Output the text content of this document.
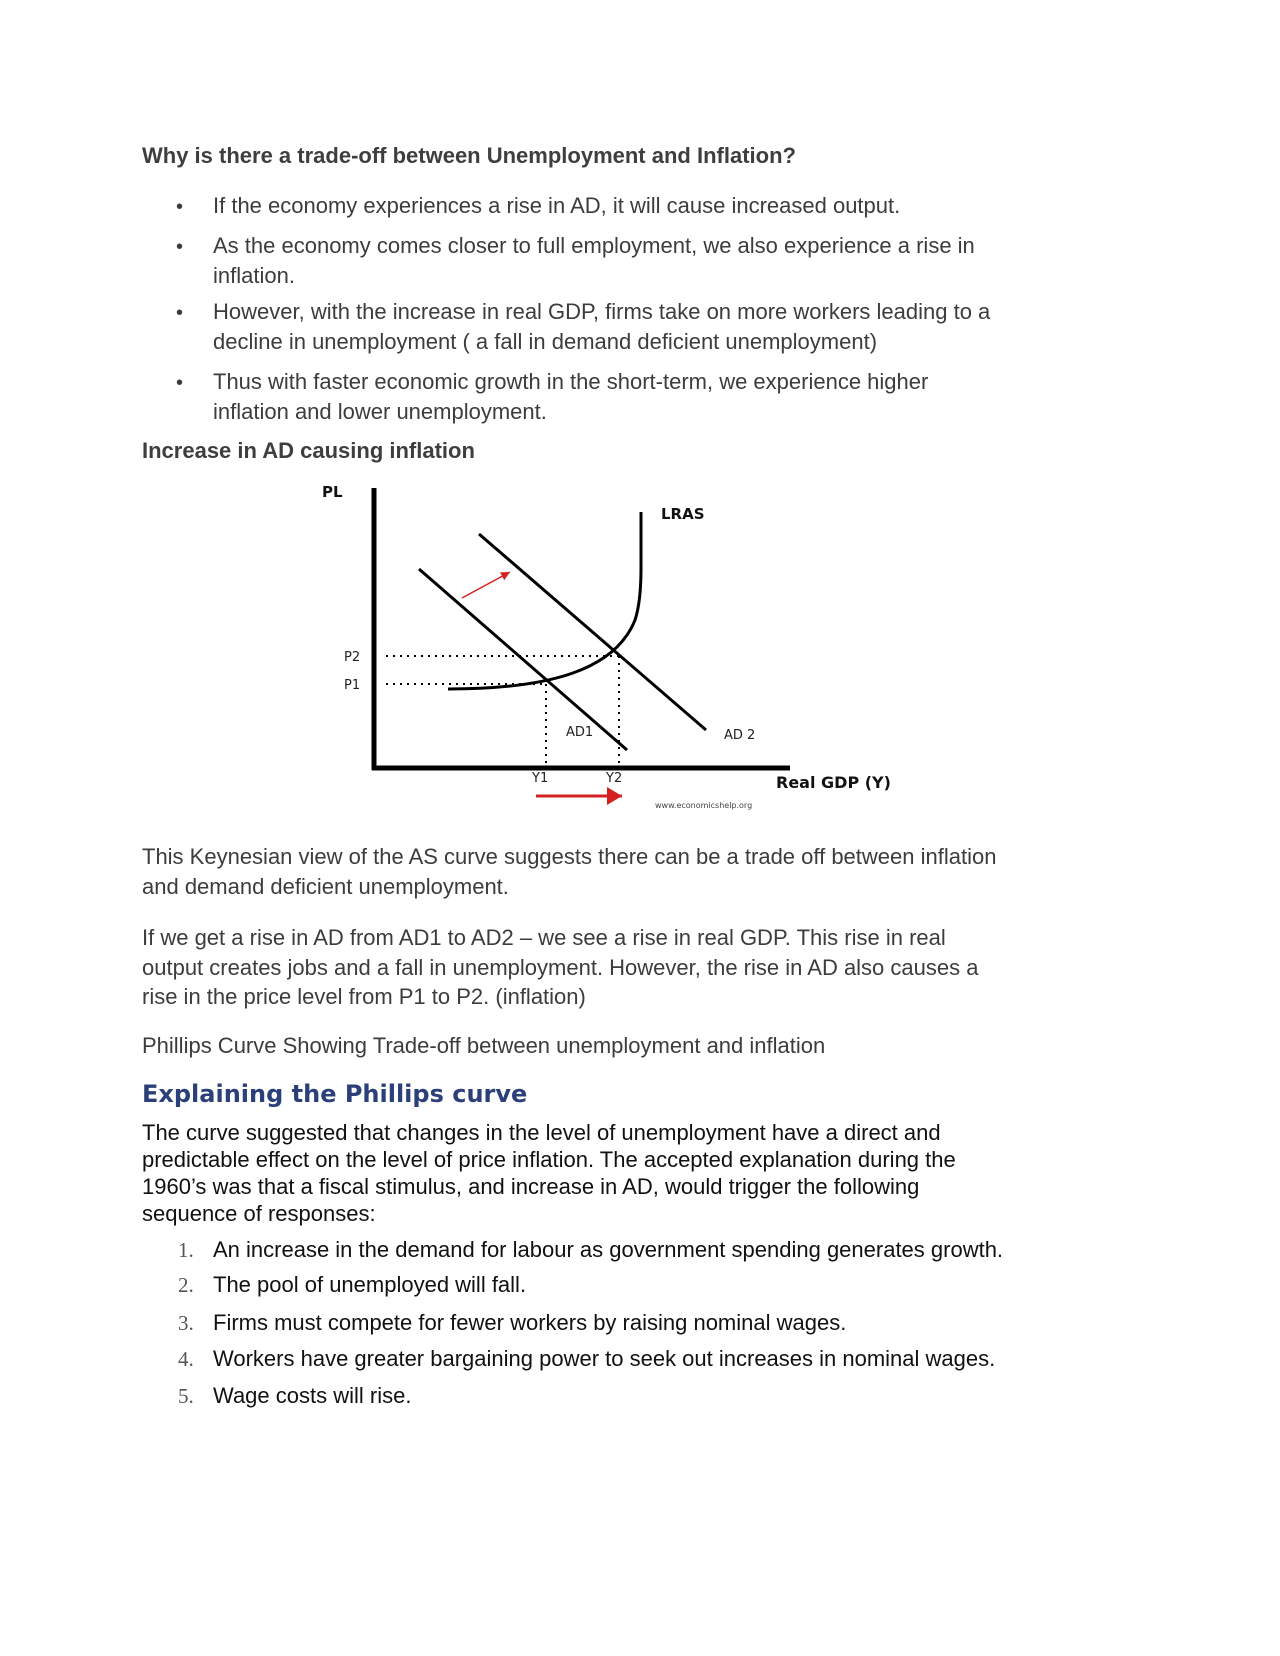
Why is there a trade-off between Unemployment and Inflation?
• If the economy experiences a rise in AD, it will cause increased output.
• As the economy comes closer to full employment, we also experience a rise in
inflation.
• However, with the increase in real GDP, firms take on more workers leading to a
decline in unemployment ( a fall in demand deficient unemployment)
• Thus with faster economic growth in the short-term, we experience higher
inflation and lower unemployment.
Increase in AD causing inflation
PL
Real GDP (Y)
LRAS
P2
P1
Y1	Y2
AD1	AD 2
www.economicshelp.org
This Keynesian view of the AS curve suggests there can be a trade off between inflation
and demand deficient unemployment.
If we get a rise in AD from AD1 to AD2 – we see a rise in real GDP. This rise in real
output creates jobs and a fall in unemployment. However, the rise in AD also causes a
rise in the price level from P1 to P2. (inflation)
Phillips Curve Showing Trade-off between unemployment and inflation
Explaining the Phillips curve
The curve suggested that changes in the level of unemployment have a direct and
predictable effect on the level of price inflation. The accepted explanation during the
1960’s was that a fiscal stimulus, and increase in AD, would trigger the following
sequence of responses:
1. An increase in the demand for labour as government spending generates growth.
2. The pool of unemployed will fall.
3. Firms must compete for fewer workers by raising nominal wages.
4. Workers have greater bargaining power to seek out increases in nominal wages.
5. Wage costs will rise.
